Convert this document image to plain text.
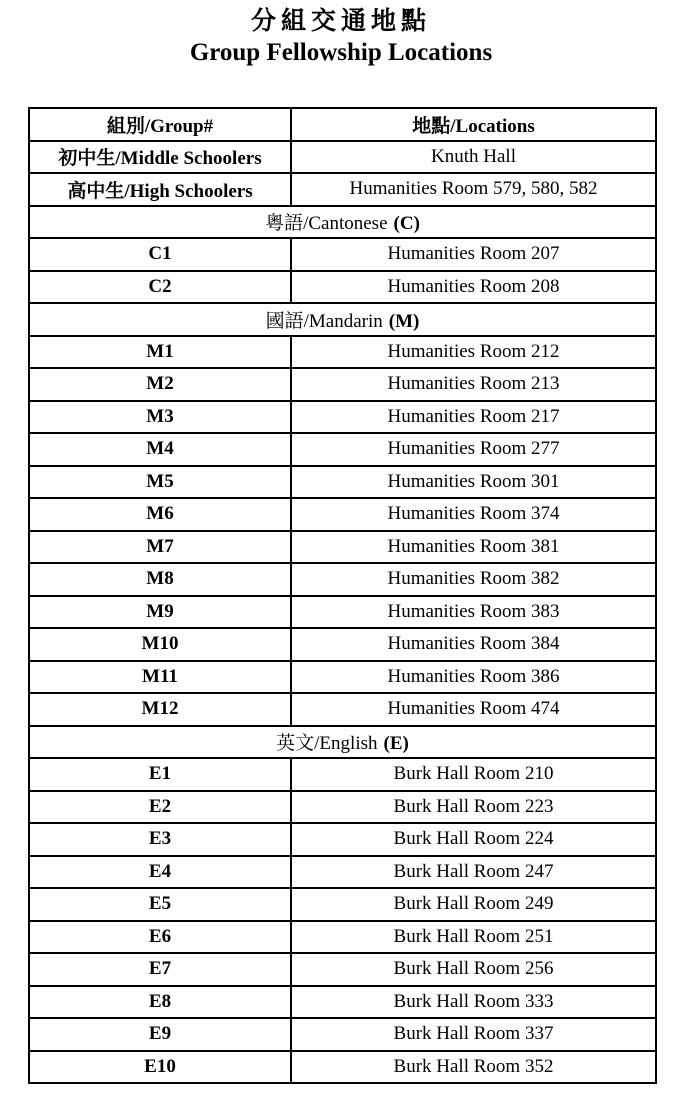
分組交通地點
Group Fellowship Locations
組別/Group#	地點/Locations
初中生/Middle Schoolers	Knuth Hall
高中生/High Schoolers	Humanities Room 579, 580, 582
粵語/Cantonese (C)	
C1	Humanities Room 207
C2	Humanities Room 208
國語/Mandarin (M)	
M1	Humanities Room 212
M2	Humanities Room 213
M3	Humanities Room 217
M4	Humanities Room 277
M5	Humanities Room 301
M6	Humanities Room 374
M7	Humanities Room 381
M8	Humanities Room 382
M9	Humanities Room 383
M10	Humanities Room 384
M11	Humanities Room 386
M12	Humanities Room 474
英文/English (E)	
E1	Burk Hall Room 210
E2	Burk Hall Room 223
E3	Burk Hall Room 224
E4	Burk Hall Room 247
E5	Burk Hall Room 249
E6	Burk Hall Room 251
E7	Burk Hall Room 256
E8	Burk Hall Room 333
E9	Burk Hall Room 337
E10	Burk Hall Room 352
